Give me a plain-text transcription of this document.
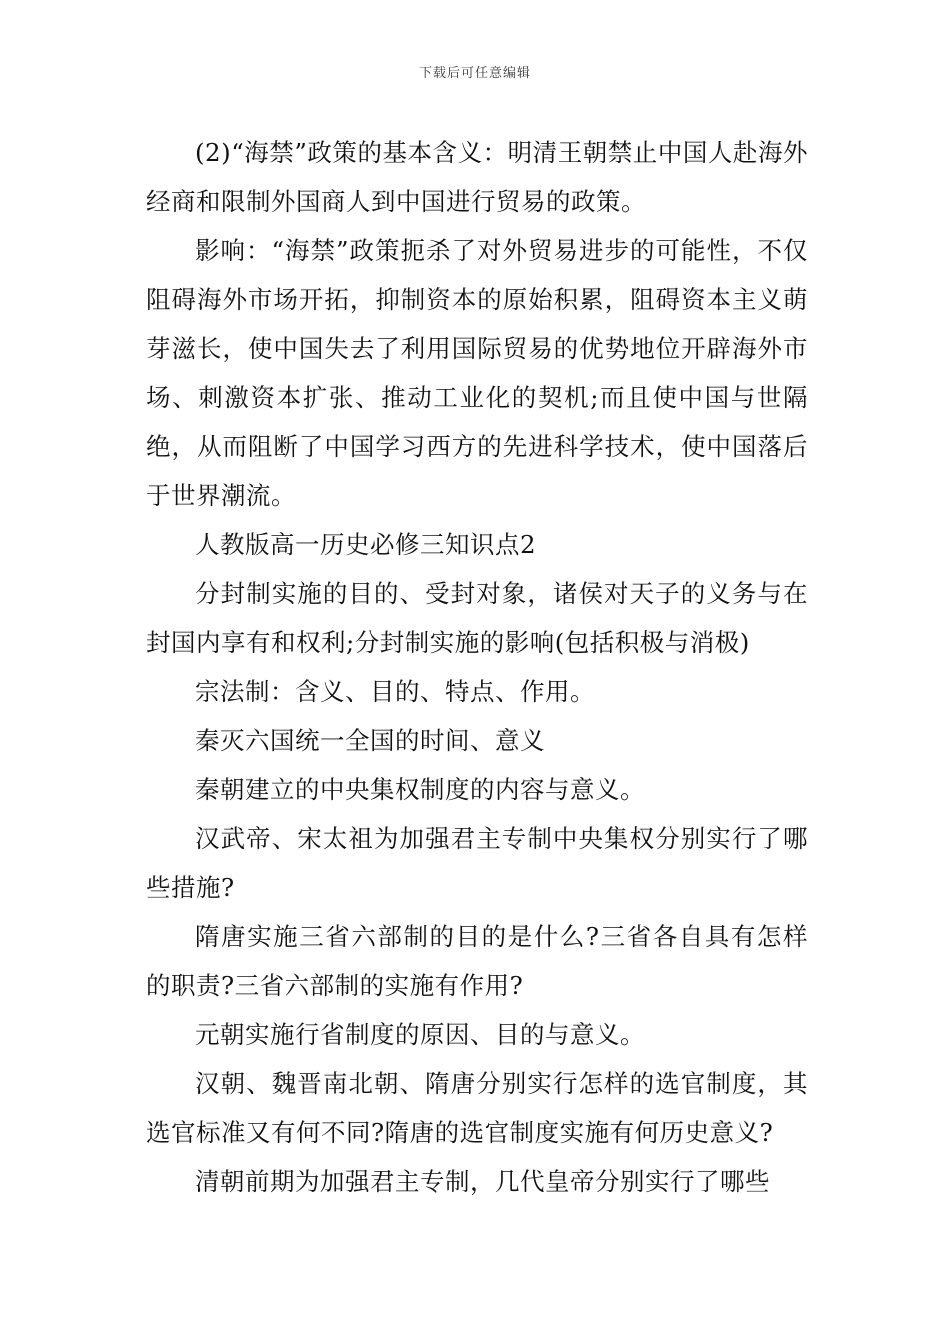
下载后可任意编辑

(2)“海禁”政策的基本含义：明清王朝禁止中国人赴海外经商和限制外国商人到中国进行贸易的政策。

影响：“海禁”政策扼杀了对外贸易进步的可能性，不仅阻碍海外市场开拓，抑制资本的原始积累，阻碍资本主义萌芽滋长，使中国失去了利用国际贸易的优势地位开辟海外市场、刺激资本扩张、推动工业化的契机;而且使中国与世隔绝，从而阻断了中国学习西方的先进科学技术，使中国落后于世界潮流。

人教版高一历史必修三知识点2

分封制实施的目的、受封对象，诸侯对天子的义务与在封国内享有和权利;分封制实施的影响(包括积极与消极)

宗法制：含义、目的、特点、作用。

秦灭六国统一全国的时间、意义

秦朝建立的中央集权制度的内容与意义。

汉武帝、宋太祖为加强君主专制中央集权分别实行了哪些措施?

隋唐实施三省六部制的目的是什么?三省各自具有怎样的职责?三省六部制的实施有作用?

元朝实施行省制度的原因、目的与意义。

汉朝、魏晋南北朝、隋唐分别实行怎样的选官制度，其选官标准又有何不同?隋唐的选官制度实施有何历史意义?

清朝前期为加强君主专制，几代皇帝分别实行了哪些
